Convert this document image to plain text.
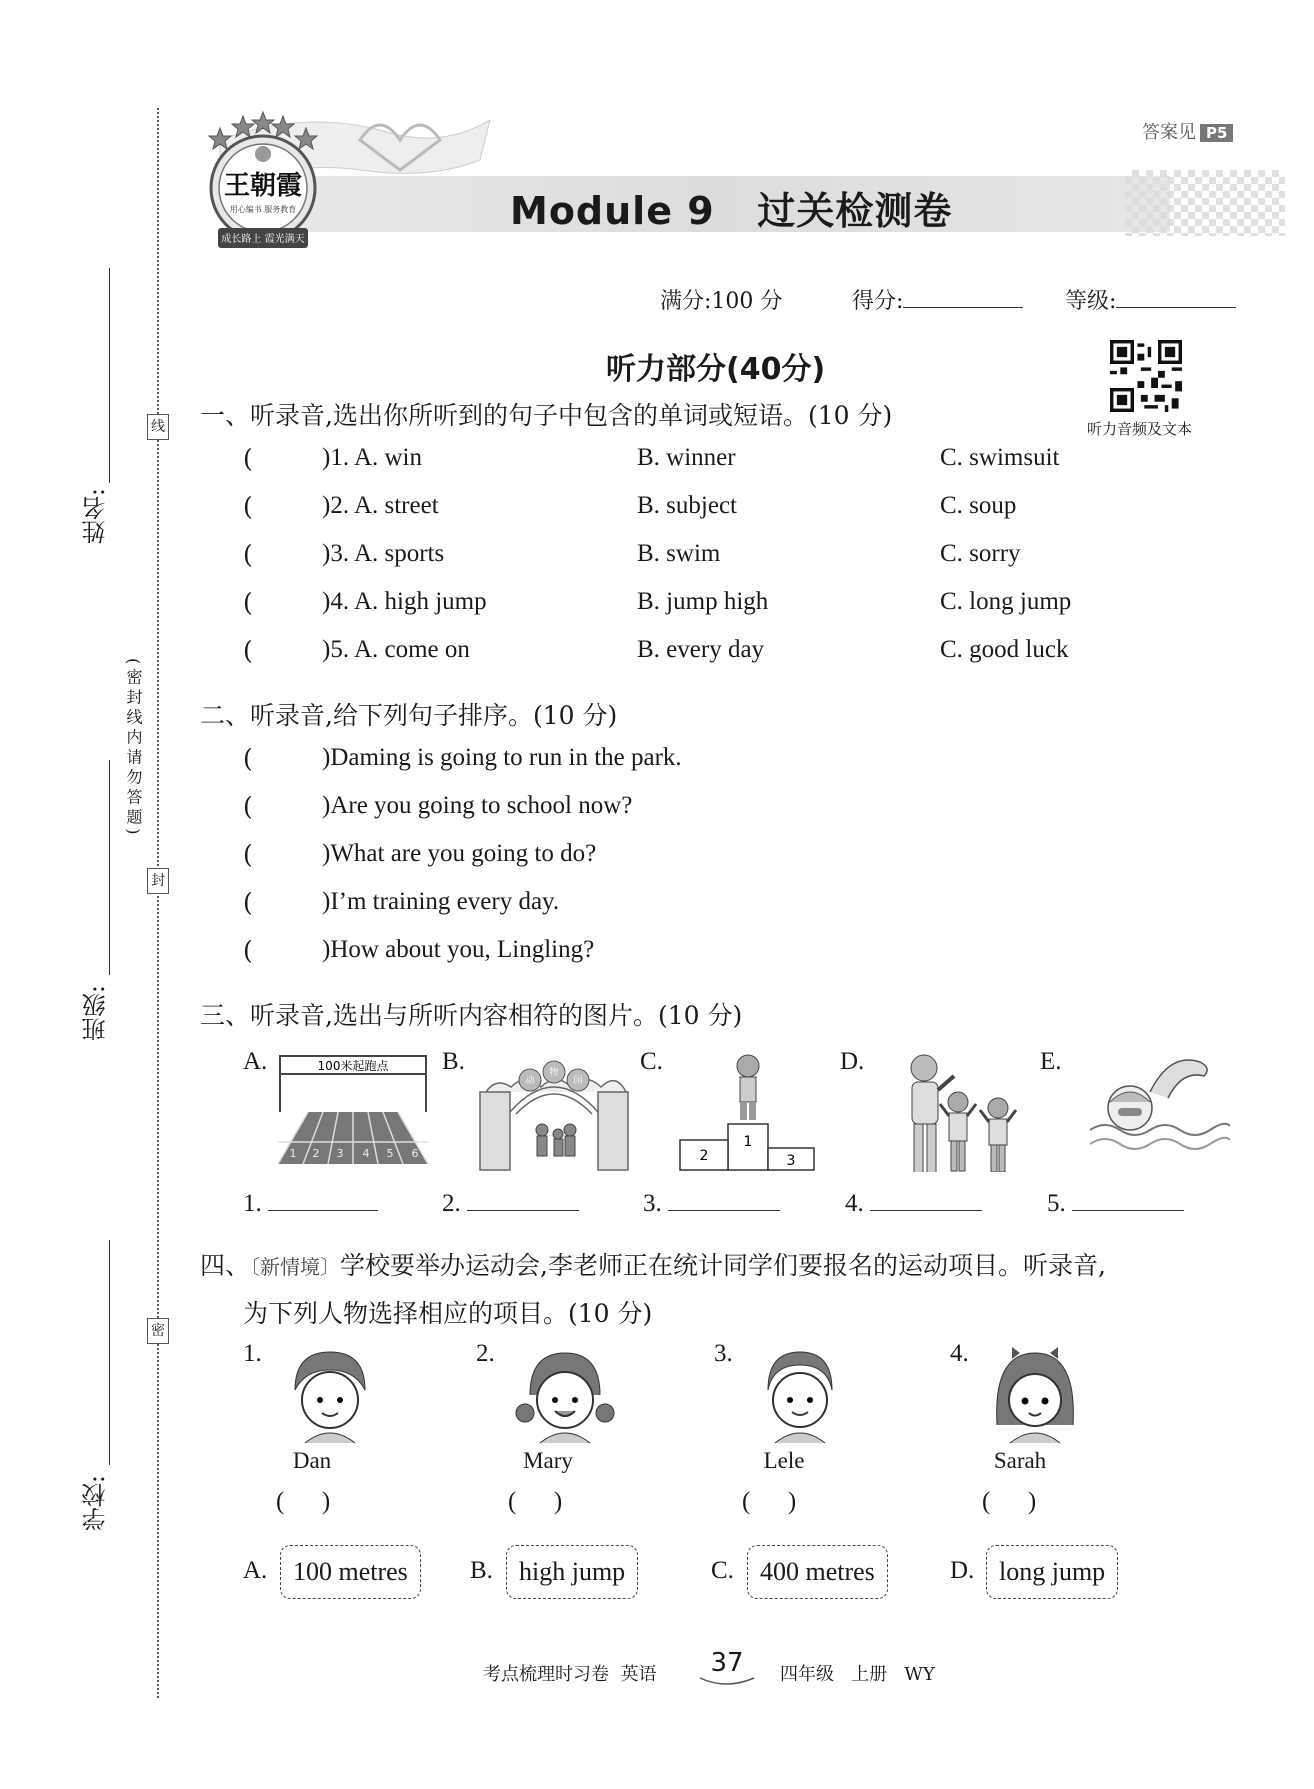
线
封
密
(密封线内请勿答题)
姓名:
班级:
学校:
王朝霞
用心编书 服务教育
成长路上 霞光满天
答案见 P5
Module 9   过关检测卷
满分:100 分	得分:	等级:
听力部分(40分)
听力音频及文本
一、听录音,选出你所听到的句子中包含的单词或短语。(10 分)
(	)1. A. win	B. winner	C. swimsuit
(	)2. A. street	B. subject	C. soup
(	)3. A. sports	B. swim	C. sorry
(	)4. A. high jump	B. jump high	C. long jump
(	)5. A. come on	B. every day	C. good luck
二、听录音,给下列句子排序。(10 分)
(	)Daming is going to run in the park.
(	)Are you going to school now?
(	)What are you going to do?
(	)I’m training every day.
(	)How about you, Lingling?
三、听录音,选出与所听内容相符的图片。(10 分)
A.	100米起跑点
1 2 3 4 5 6
B.
动
物
园
C.
2
1
3
D.	E.
1.	2.	3.	4.	5.
四、〔新情境〕学校要举办运动会,李老师正在统计同学们要报名的运动项目。听录音,
为下列人物选择相应的项目。(10 分)
1.
Dan
(      )
2.
Mary
(      )
3.
Lele
(      )
4.
Sarah
(      )
A. 100 metres	B.	high jump	C.	400 metres	D. long jump
考点梳理时习卷  英语	37	四年级   上册   WY
